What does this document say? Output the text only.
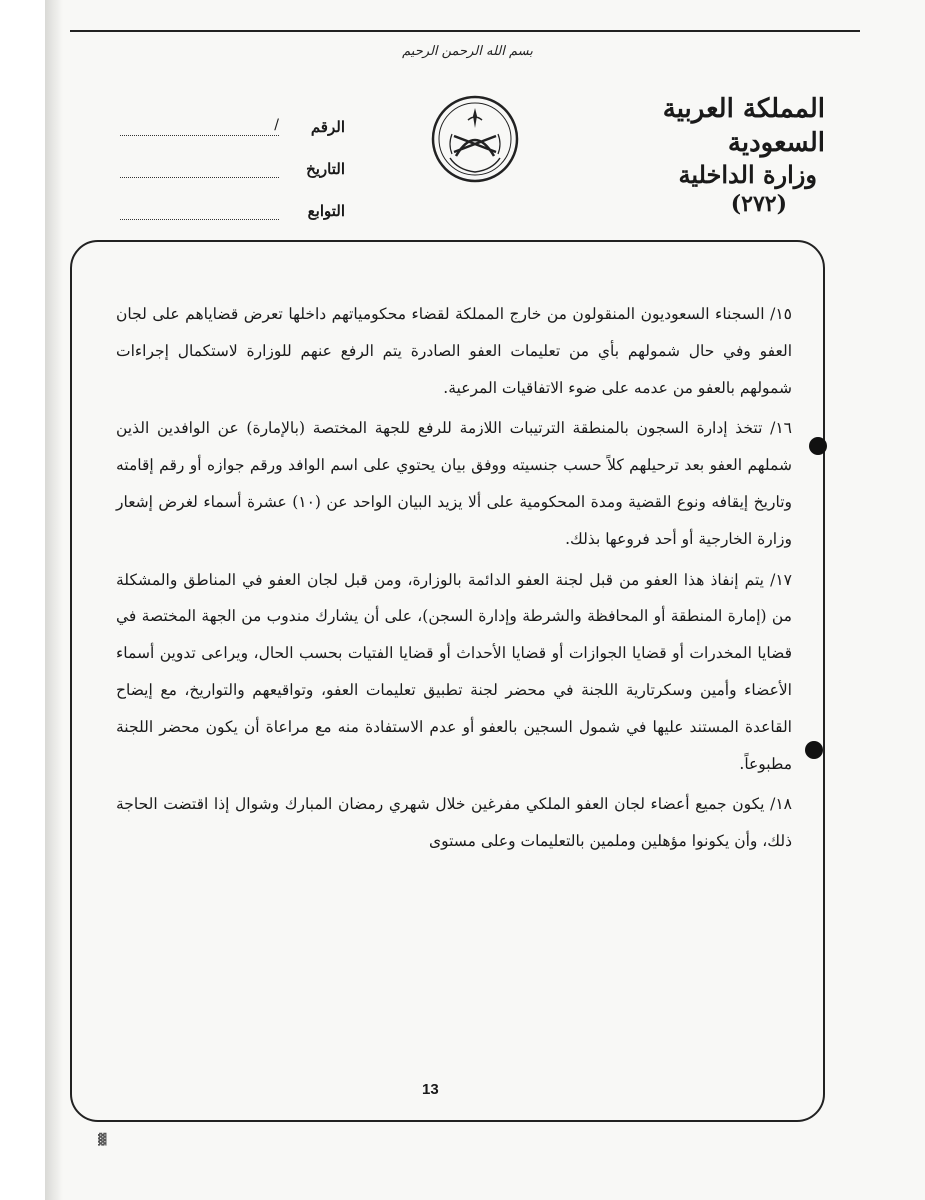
بسم الله الرحمن الرحيم
المملكة العربية السعودية
وزارة الداخلية
(٢٧٢)
الرقم
/
التاريخ
التوابع

١٥/ السجناء السعوديون المنقولون من خارج المملكة لقضاء محكومياتهم داخلها تعرض قضاياهم على لجان العفو وفي حال شمولهم بأي من تعليمات العفو الصادرة يتم الرفع عنهم للوزارة لاستكمال إجراءات شمولهم بالعفو من عدمه على ضوء الاتفاقيات المرعية.

١٦/ تتخذ إدارة السجون بالمنطقة الترتيبات اللازمة للرفع للجهة المختصة (بالإمارة) عن الوافدين الذين شملهم العفو بعد ترحيلهم كلاً حسب جنسيته ووفق بيان يحتوي على اسم الوافد ورقم جوازه أو رقم إقامته وتاريخ إيقافه ونوع القضية ومدة المحكومية على ألا يزيد البيان الواحد عن (١٠) عشرة أسماء لغرض إشعار وزارة الخارجية أو أحد فروعها بذلك.

١٧/ يتم إنفاذ هذا العفو من قبل لجنة العفو الدائمة بالوزارة، ومن قبل لجان العفو في المناطق والمشكلة من (إمارة المنطقة أو المحافظة والشرطة وإدارة السجن)، على أن يشارك مندوب من الجهة المختصة في قضايا المخدرات أو قضايا الجوازات أو قضايا الأحداث أو قضايا الفتيات بحسب الحال، ويراعى تدوين أسماء الأعضاء وأمين وسكرتارية اللجنة في محضر لجنة تطبيق تعليمات العفو، وتواقيعهم والتواريخ، مع إيضاح القاعدة المستند عليها في شمول السجين بالعفو أو عدم الاستفادة منه مع مراعاة أن يكون محضر اللجنة مطبوعاً.

١٨/ يكون جميع أعضاء لجان العفو الملكي مفرغين خلال شهري رمضان المبارك وشوال إذا اقتضت الحاجة ذلك، وأن يكونوا مؤهلين وملمين بالتعليمات وعلى مستوى

13
▓
